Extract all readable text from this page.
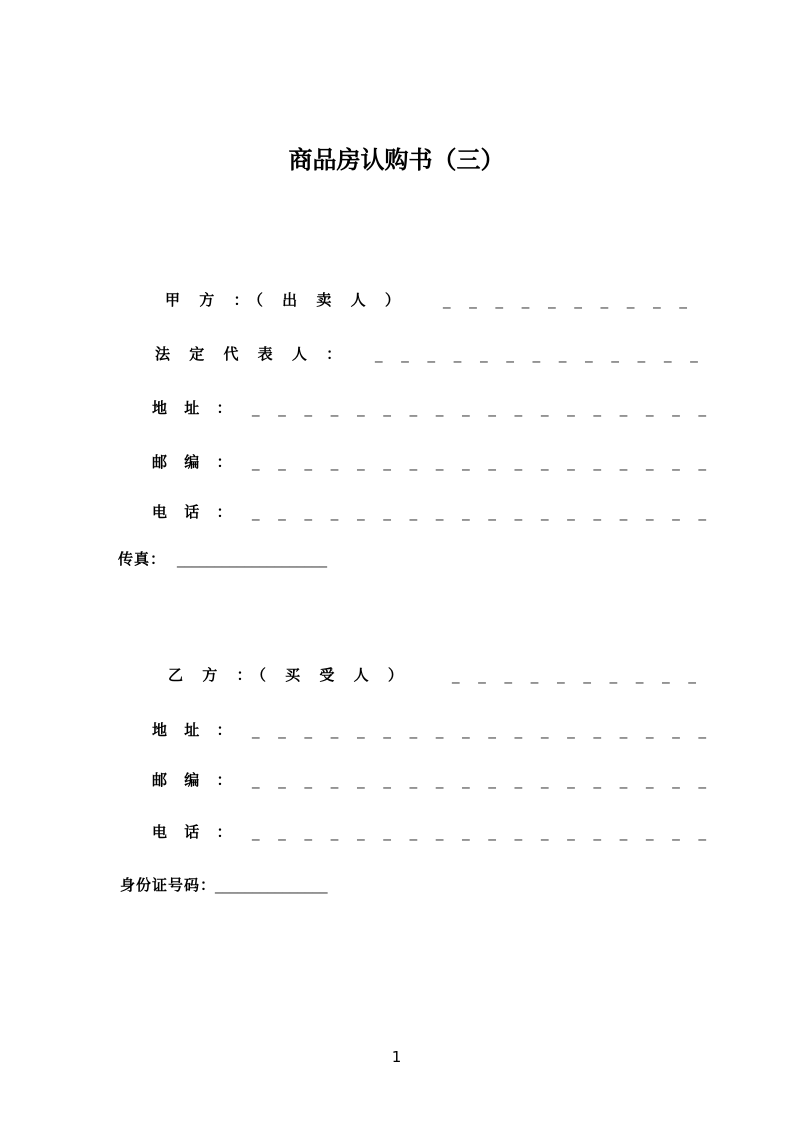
商品房认购书（三）
甲 方 ：（ 出 卖 人 ） _ _ _ _ _ _ _ _ _ _
法 定 代 表 人 ： _ _ _ _ _ _ _ _ _ _ _ _ _
地 址 ： _ _ _ _ _ _ _ _ _ _ _ _ _ _ _ _ _ _
邮 编 ： _ _ _ _ _ _ _ _ _ _ _ _ _ _ _ _ _ _
电 话 ： _ _ _ _ _ _ _ _ _ _ _ _ _ _ _ _ _ _
传真： ____________________
乙 方 ：（ 买 受 人 ）	_ _ _ _ _ _ _ _ _ _
地 址 ： _ _ _ _ _ _ _ _ _ _ _ _ _ _ _ _ _ _
邮 编 ： _ _ _ _ _ _ _ _ _ _ _ _ _ _ _ _ _ _
电 话 ： _ _ _ _ _ _ _ _ _ _ _ _ _ _ _ _ _ _
身份证号码：_______________
1
